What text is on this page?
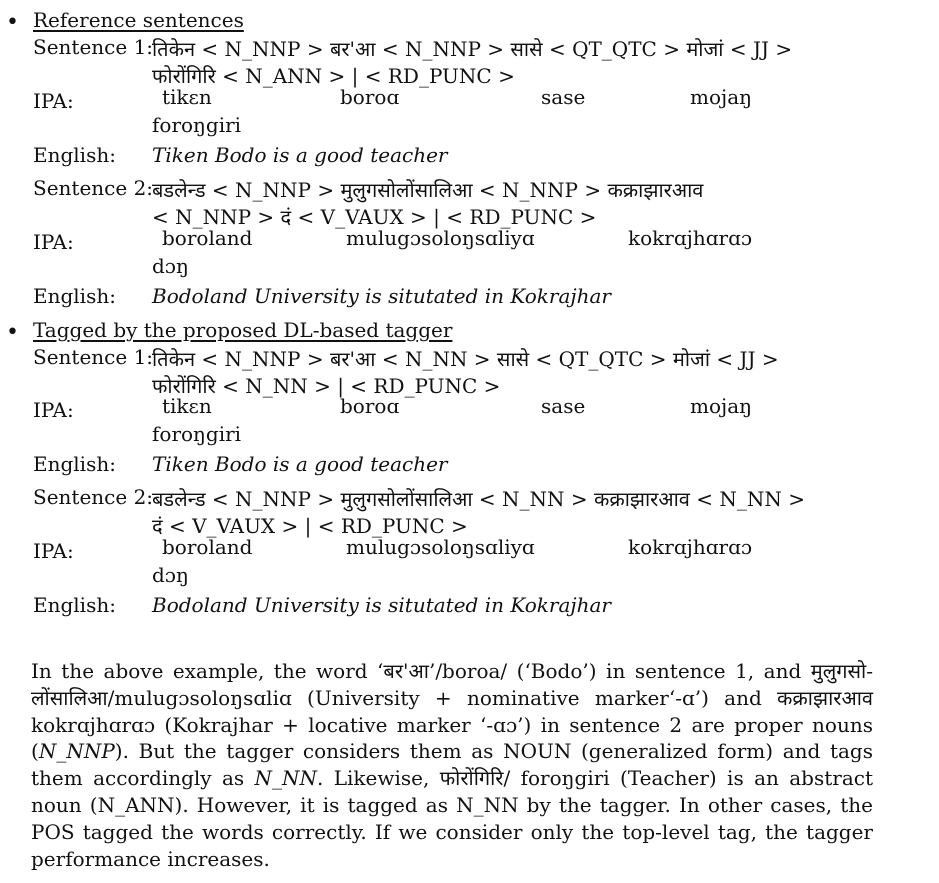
• Reference sentences
Sentence 1:
तिकेन < N_NNP > बर'आ < N_NNP > सासे < QT_QTC > मोजां < JJ >
फोरोंगिरि < N_ANN > | < RD_PUNC >
IPA:	tikɛn	boroɑ	sase	mojaŋ
foroŋgiri
English: Tiken Bodo is a good teacher
Sentence 2:
बडलेन्ड < N_NNP > मुलुगसोलोंसालिआ < N_NNP > कक्राझारआव
< N_NNP > दं < V_VAUX > | < RD_PUNC >
IPA:	boroland	mulugɔsoloŋsɑliyɑ	kokrɑjhɑrɑɔ
dɔŋ
English: Bodoland University is situtated in Kokrajhar
• Tagged by the proposed DL-based tagger
Sentence 1:
तिकेन < N_NNP > बर'आ < N_NN > सासे < QT_QTC > मोजां < JJ >
फोरोंगिरि < N_NN > | < RD_PUNC >
IPA:	tikɛn	boroɑ	sase	mojaŋ
foroŋgiri
English: Tiken Bodo is a good teacher
Sentence 2:
बडलेन्ड < N_NNP > मुलुगसोलोंसालिआ < N_NN > कक्राझारआव < N_NN >
दं < V_VAUX > | < RD_PUNC >
IPA:	boroland	mulugɔsoloŋsɑliyɑ	kokrɑjhɑrɑɔ
dɔŋ
English: Bodoland University is situtated in Kokrajhar

In the above example, the word ‘बर'आ’/boroa/ (‘Bodo’) in sentence 1, and मुलुगसो-लोंसालिआ/mulugɔsoloŋsɑliɑ (University + nominative marker‘-ɑ’) and कक्राझारआव kokrɑjhɑrɑɔ (Kokrajhar + locative marker ‘-ɑɔ’) in sentence 2 are proper nouns (N_NNP). But the tagger considers them as NOUN (generalized form) and tags them accordingly as N_NN. Likewise, फोरोंगिरि/ foroŋgiri (Teacher) is an abstract noun (N_ANN). However, it is tagged as N_NN by the tagger. In other cases, the POS tagged the words correctly. If we consider only the top-level tag, the tagger performance increases.
